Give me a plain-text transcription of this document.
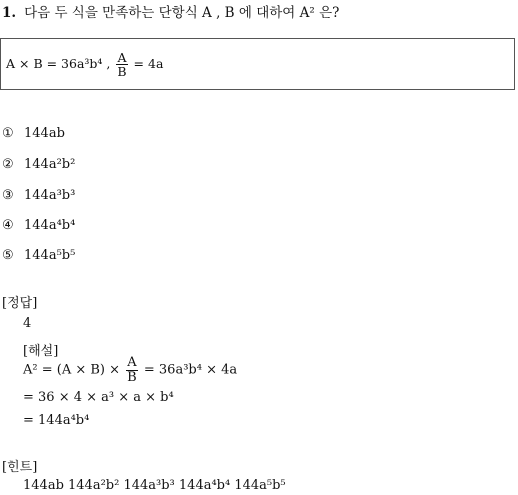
1. 다음 두 식을 만족하는 단항식 A , B 에 대하여 A² 은?
A × B = 36a³b⁴ , $\frac{A}{B} = 4a$
① 144ab
② 144a²b²
③ 144a³b³
④ 144a⁴b⁴
⑤ 144a⁵b⁵
[정답]
4
[해설]
$A^2 = (A \times B) \times \frac{A}{B} = 36a^3b^4 \times 4a$
= 36 × 4 × a³ × a × b⁴
= 144a⁴b⁴
[힌트]
144ab 144a²b² 144a³b³ 144a⁴b⁴ 144a⁵b⁵
